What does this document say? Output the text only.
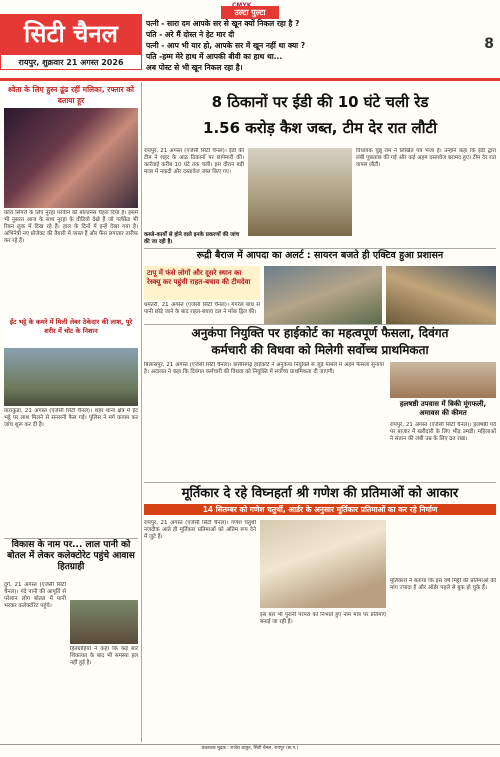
उल्टा पुल्टा
सिटी चैनल
रायपुर, शुक्रवार 21 अगस्त 2026
पत्नी - सारा दम आपके सर से खून क्यों निकल रहा है ?
पति - अरे मैं दोस्त ने हेट मार दी
पत्नी - आप भी यार हो, आपके सर में खून नहीं था क्या ?
पति -हम्म मेरे हाथ में आपकी बीवी का हाथ था...
अब पोस्ट से भी खून निकल रहा है।
8
श्वेता के लिए हुस्न ढूंढ रहीं मलिका, रफ्तार को बताया हूर
कोरा सिंगरों के लिए नुरहा परवीन की बोल्डनेस चेहरा दिया है। इसमें भी नुसरत आज के साथ नुरहा के वीडियो देखे हैं जो गर्लफ्रेंड भी रिबन लुक में दिख रहे हैं। हाल के दिनों में इन्हें देखा गया है। अभिनेत्री नए प्रोजेक्ट की तैयारी में व्यस्त हैं और फैंस लगातार तारीफ कर रहे हैं।
8 ठिकानों पर ईडी की 10 घंटे चली रेड
1.56 करोड़ कैश जब्त, टीम देर रात लौटी
रायपुर, 21 अगस्त (एजेंसी सिटी चैनल)। ईडी की टीम ने शहर के आठ ठिकानों पर छापेमारी की। कार्रवाई करीब 10 घंटे तक चली। इस दौरान बड़ी मात्रा में नकदी और दस्तावेज जब्त किए गए।
विधायक चुन्नू राम ने लिखित पत्र भेजा है। उन्होंने कहा कि ईडी द्वारा लंबी पूछताछ की गई और कई अहम दस्तावेज बरामद हुए। टीम देर रात वापस लौटी।
कब्जे-कार्यों से होने वाले इनके प्रकरणों की जांच की जा रही है।
रूद्री बैराज में आपदा का अलर्ट : सायरन बजते ही एक्टिव हुआ प्रशासन
टापू में फंसे लोगों और दूसरे स्थान का रेस्क्यू कर पहुंची राहत-बचाव की टीमदेवा
धमतरी, 21 अगस्त (एजेंसी सिटी चैनल)। गंगरेल बांध से पानी छोड़े जाने के बाद राहत-बचाव दल ने मॉक ड्रिल की।
ईंट भट्ठे के कमरे में मिली लेबर ठेकेदार की लाश, पूरे शरीर में चोट के निशान
ताराकुंडा, 21 अगस्त (एजेंसी सिटी चैनल)। शहर थाना क्षेत्र में ईंट भट्ठे पर लाश मिलने से सनसनी फैल गई। पुलिस ने मर्ग कायम कर जांच शुरू कर दी है।
अनुकंपा नियुक्ति पर हाईकोर्ट का महत्वपूर्ण फैसला, दिवंगत
कर्मचारी की विधवा को मिलेगी सर्वोच्च प्राथमिकता
बिलासपुर, 21 अगस्त (एजेंसी सिटी चैनल)। छत्तीसगढ़ हाईकोर्ट ने अनुकंपा नियुक्ति से जुड़े मामले में अहम फैसला सुनाया है। अदालत ने कहा कि दिवंगत कर्मचारी की विधवा को नियुक्ति में सर्वोच्च प्राथमिकता दी जाएगी।
हलषष्ठी उपवास में बिकी मूंगफली, अमावस की कीमत
रायपुर, 21 अगस्त (एजेंसी सिटी चैनल)। हलषष्ठी पर्व पर बाजार में खरीदारी के लिए भीड़ उमड़ी। महिलाओं ने संतान की लंबी उम्र के लिए व्रत रखा।
विकास के नाम पर... लाल पानी को बोतल में लेकर कलेक्टोरेट पहुंचे आवास हितग्राही
दुर्ग, 21 अगस्त (एजेंसी सिटी चैनल)। गंदे पानी की आपूर्ति से परेशान लोग बोतल में पानी भरकर कलेक्टोरेट पहुंचे।
हितग्राहियों ने कहा कि कई बार शिकायत के बाद भी समस्या हल नहीं हुई है।
मूर्तिकार दे रहे विघ्नहर्ता श्री गणेश की प्रतिमाओं को आकार
14 सितम्बर को गणेश चतुर्थी, आर्डर के अनुसार मूर्तिकार प्रतिमाओं का कर रहे निर्माण
रायपुर, 21 अगस्त (एजेंसी सिटी चैनल)। गणेश चतुर्थी नजदीक आते ही मूर्तिकार प्रतिमाओं को अंतिम रूप देने में जुटे हैं।
इस बार भी पुरानी परंपरा को निभाते हुए नाम मात्र पर प्रतिमाएं बनाई जा रही हैं।
मूर्तिकारों ने बताया कि इस वर्ष मिट्टी की प्रतिमाओं की मांग ज्यादा है और ऑर्डर पहले से बुक हो चुके हैं।
प्रकाशक मुद्रक : राजेश ठाकुर, सिटी चैनल, रायपुर (छ.ग.)
